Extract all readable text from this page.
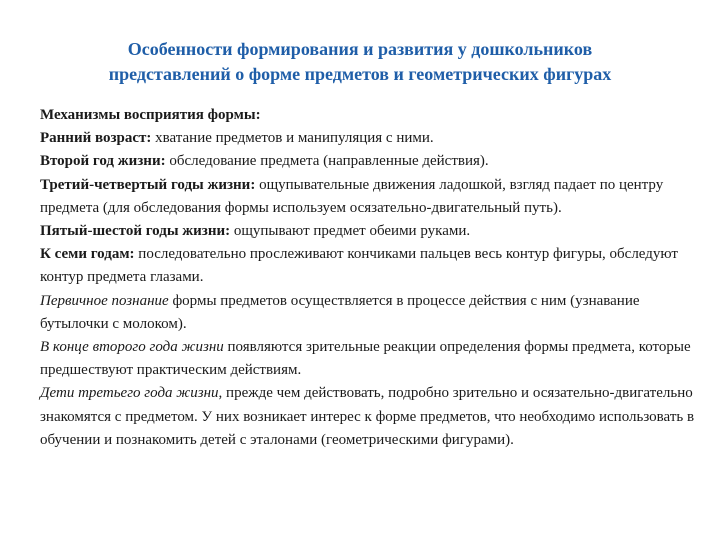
Особенности формирования и развития у дошкольников
представлений о форме предметов и геометрических фигурах

Механизмы восприятия формы:

Ранний возраст: хватание предметов и манипуляция с ними.

Второй год жизни: обследование предмета (направленные действия).

Третий-четвертый годы жизни: ощупывательные движения ладошкой, взгляд падает по центру предмета (для обследования формы используем осязательно-двигательный путь).

Пятый-шестой годы жизни: ощупывают предмет обеими руками.

К семи годам: последовательно прослеживают кончиками пальцев весь контур фигуры, обследуют контур предмета глазами.

Первичное познание формы предметов осуществляется в процессе действия с ним (узнавание бутылочки с молоком).

В конце второго года жизни появляются зрительные реакции определения формы предмета, которые предшествуют практическим действиям.

Дети третьего года жизни, прежде чем действовать, подробно зрительно и осязательно-двигательно знакомятся с предметом. У них возникает интерес к форме предметов, что необходимо использовать в обучении и познакомить детей с эталонами (геометрическими фигурами).
